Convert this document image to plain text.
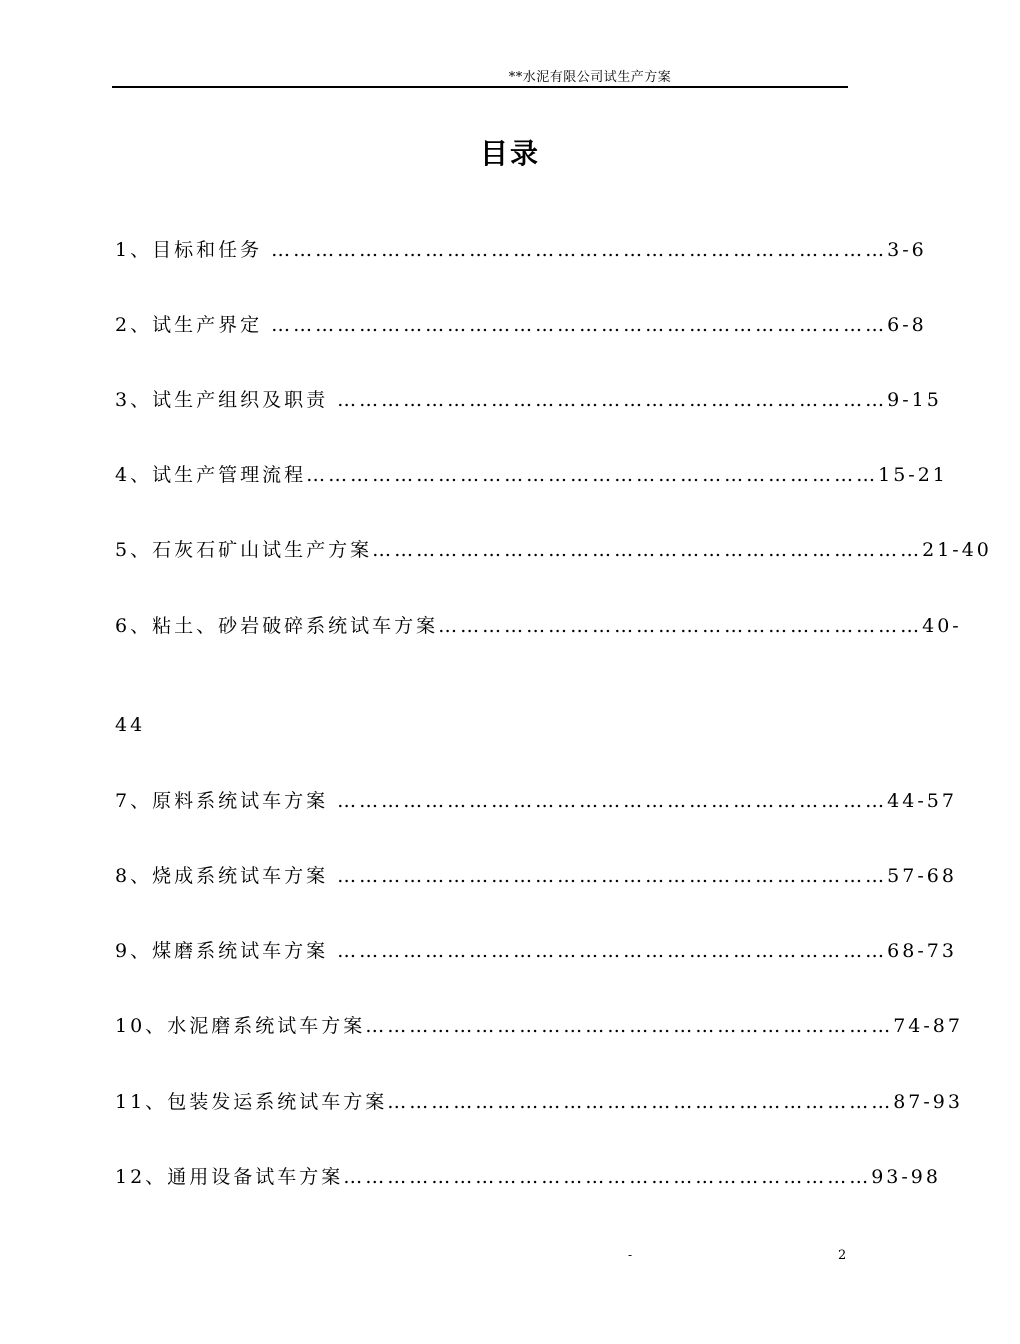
**水泥有限公司试生产方案
目录
1、目标和任务 …………………………………………………………………………3-6
2、试生产界定 …………………………………………………………………………6-8
3、试生产组织及职责 …………………………………………………………………9-15
4、试生产管理流程……………………………………………………………………15-21
5、石灰石矿山试生产方案…………………………………………………………………21-40
6、粘土、砂岩破碎系统试车方案…………………………………………………………40-
44
7、原料系统试车方案 …………………………………………………………………44-57
8、烧成系统试车方案 …………………………………………………………………57-68
9、煤磨系统试车方案 …………………………………………………………………68-73
10、水泥磨系统试车方案………………………………………………………………74-87
11、包装发运系统试车方案……………………………………………………………87-93
12、通用设备试车方案………………………………………………………………93-98
-	2
